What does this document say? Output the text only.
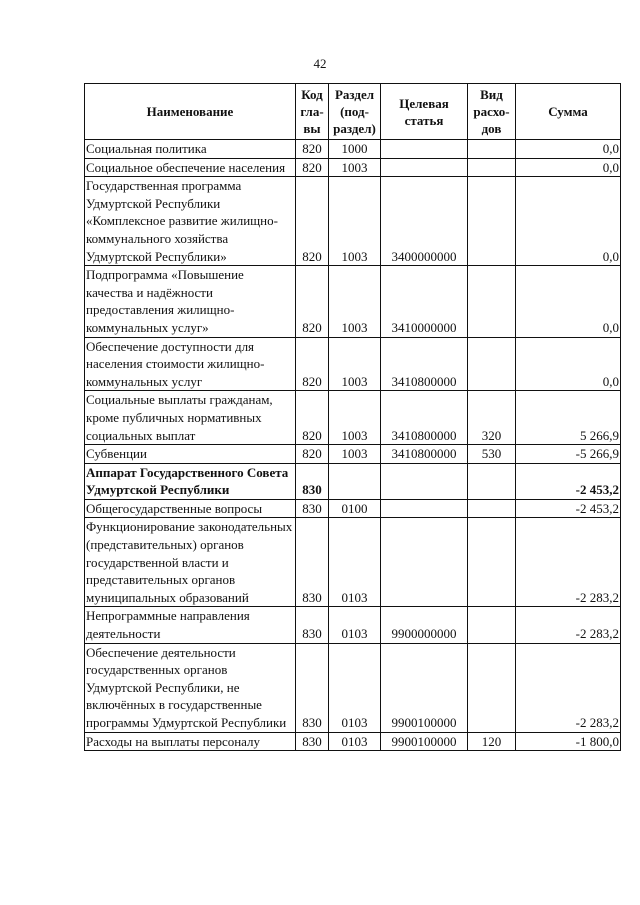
42
Наименование	Код гла-вы	Раздел (под-раздел)	Целевая статья	Вид расхо-дов	Сумма
Социальная политика	820	1000			0,0
Социальное обеспечение населения	820	1003			0,0
Государственная программа Удмуртской Республики «Комплексное развитие жилищно-коммунального хозяйства Удмуртской Республики»	820	1003	3400000000		0,0
Подпрограмма «Повышение качества и надёжности предоставления жилищно-коммунальных услуг»	820	1003	3410000000		0,0
Обеспечение доступности для населения стоимости жилищно-коммунальных услуг	820	1003	3410800000		0,0
Социальные выплаты гражданам, кроме публичных нормативных социальных выплат	820	1003	3410800000	320	5 266,9
Субвенции	820	1003	3410800000	530	-5 266,9
Аппарат Государственного Совета Удмуртской Республики	830				-2 453,2
Общегосударственные вопросы	830	0100			-2 453,2
Функционирование законодательных (представительных) органов государственной власти и представительных органов муниципальных образований	830	0103			-2 283,2
Непрограммные направления деятельности	830	0103	9900000000		-2 283,2
Обеспечение деятельности государственных органов Удмуртской Республики, не включённых в государственные программы Удмуртской Республики	830	0103	9900100000		-2 283,2
Расходы на выплаты персоналу	830	0103	9900100000	120	-1 800,0
